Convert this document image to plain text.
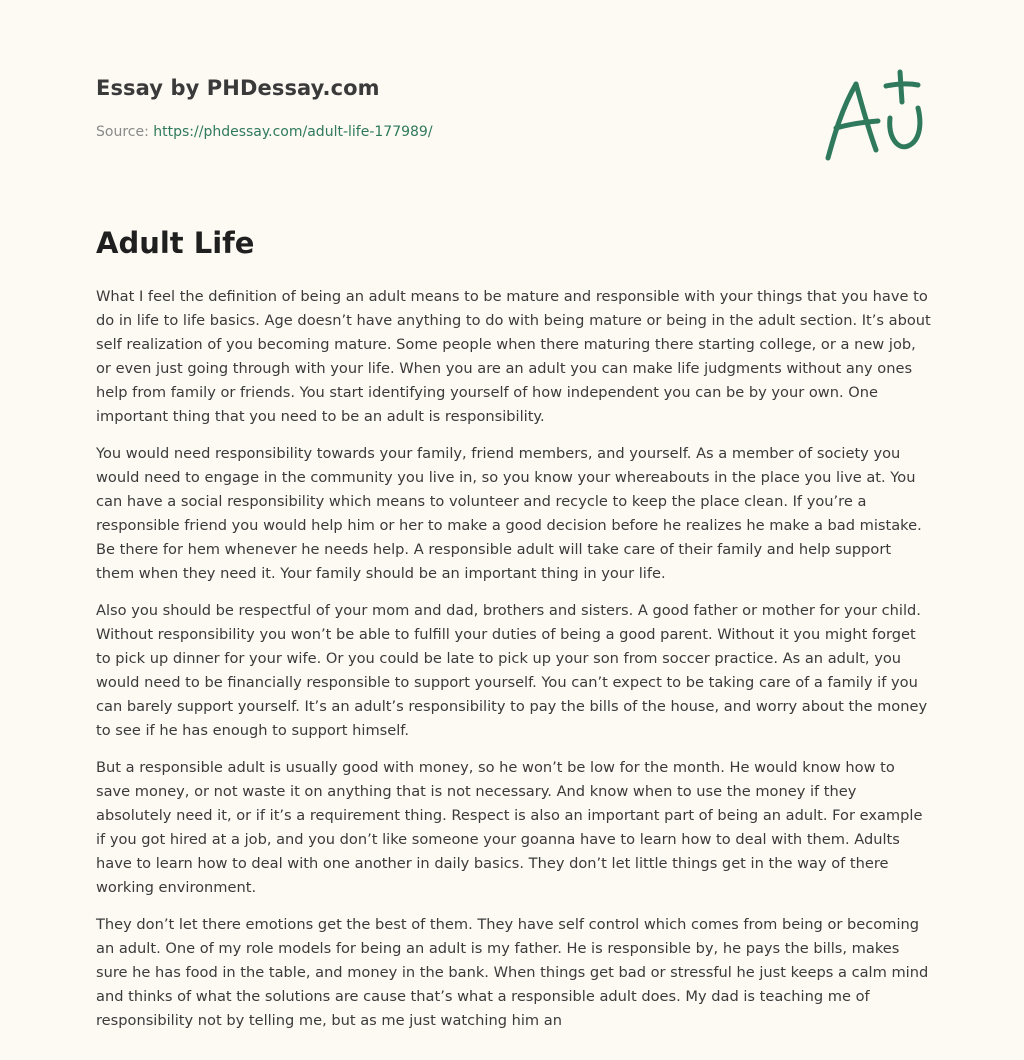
Essay by PHDessay.com
Source: https://phdessay.com/adult-life-177989/
Adult Life

What I feel the definition of being an adult means to be mature and responsible with your things that you have to do in life to life basics. Age doesn’t have anything to do with being mature or being in the adult section. It’s about self realization of you becoming mature. Some people when there maturing there starting college, or a new job, or even just going through with your life. When you are an adult you can make life judgments without any ones help from family or friends. You start identifying yourself of how independent you can be by your own. One important thing that you need to be an adult is responsibility.

You would need responsibility towards your family, friend members, and yourself. As a member of society you would need to engage in the community you live in, so you know your whereabouts in the place you live at. You can have a social responsibility which means to volunteer and recycle to keep the place clean. If you’re a responsible friend you would help him or her to make a good decision before he realizes he make a bad mistake. Be there for hem whenever he needs help. A responsible adult will take care of their family and help support them when they need it. Your family should be an important thing in your life.

Also you should be respectful of your mom and dad, brothers and sisters. A good father or mother for your child. Without responsibility you won’t be able to fulfill your duties of being a good parent. Without it you might forget to pick up dinner for your wife. Or you could be late to pick up your son from soccer practice. As an adult, you would need to be financially responsible to support yourself. You can’t expect to be taking care of a family if you can barely support yourself. It’s an adult’s responsibility to pay the bills of the house, and worry about the money to see if he has enough to support himself.

But a responsible adult is usually good with money, so he won’t be low for the month. He would know how to save money, or not waste it on anything that is not necessary. And know when to use the money if they absolutely need it, or if it’s a requirement thing. Respect is also an important part of being an adult. For example if you got hired at a job, and you don’t like someone your goanna have to learn how to deal with them. Adults have to learn how to deal with one another in daily basics. They don’t let little things get in the way of there working environment.

They don’t let there emotions get the best of them. They have self control which comes from being or becoming an adult. One of my role models for being an adult is my father. He is responsible by, he pays the bills, makes sure he has food in the table, and money in the bank. When things get bad or stressful he just keeps a calm mind and thinks of what the solutions are cause that’s what a responsible adult does. My dad is teaching me of responsibility not by telling me, but as me just watching him an
